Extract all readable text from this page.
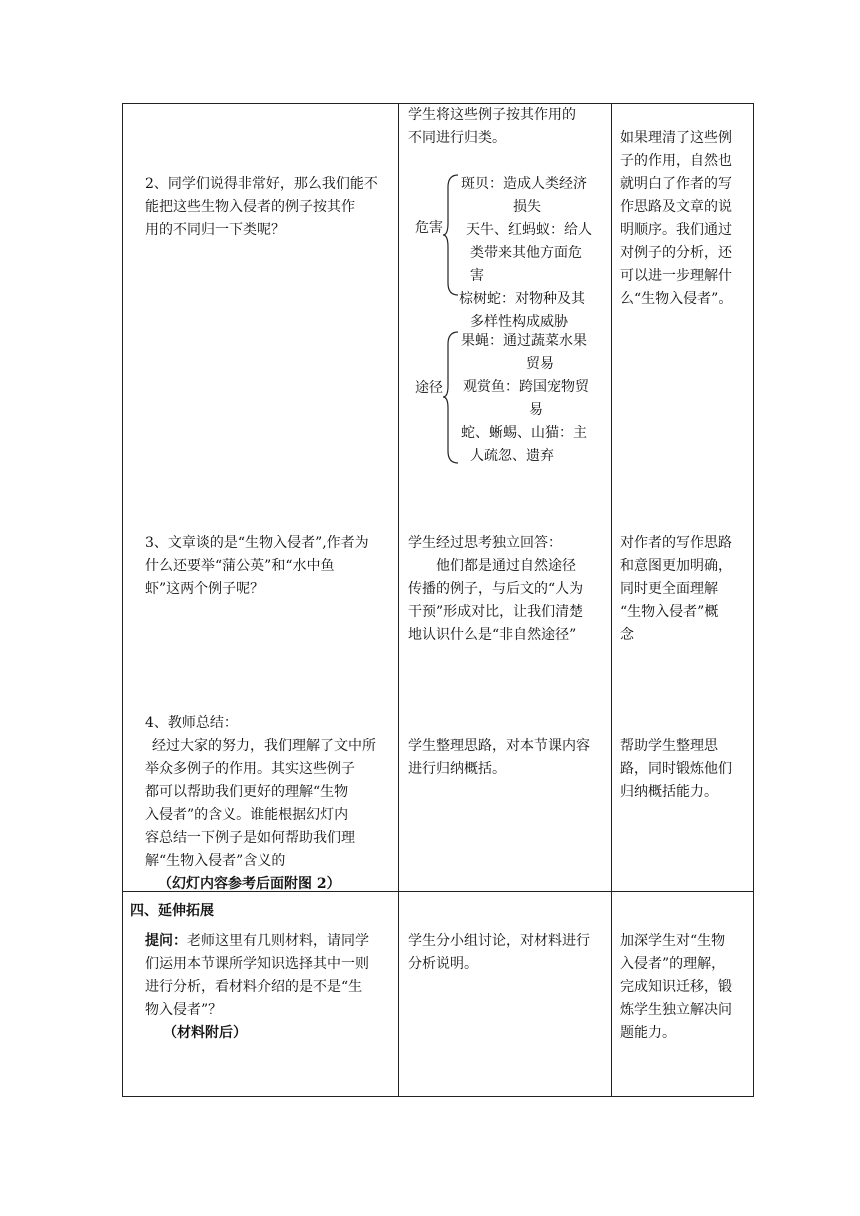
2、同学们说得非常好，那么我们能不
能把这些生物入侵者的例子按其作
用的不同归一下类呢？
学生将这些例子按其作用的
不同进行归类。
危害
斑贝：造成人类经济
损失
天牛、红蚂蚁：给人
类带来其他方面危
害
棕树蛇：对物种及其
多样性构成威胁
途径
果蝇：通过蔬菜水果
贸易
观赏鱼：跨国宠物贸
易
蛇、蜥蜴、山猫：主
人疏忽、遗弃
如果理清了这些例
子的作用，自然也
就明白了作者的写
作思路及文章的说
明顺序。我们通过
对例子的分析，还
可以进一步理解什
么“生物入侵者”。
3、文章谈的是“生物入侵者”,作者为
什么还要举“蒲公英”和“水中鱼
虾”这两个例子呢？
学生经过思考独立回答：
他们都是通过自然途径
传播的例子，与后文的“人为
干预”形成对比，让我们清楚
地认识什么是“非自然途径”
对作者的写作思路
和意图更加明确，
同时更全面理解
“生物入侵者”概
念
4、教师总结：
经过大家的努力，我们理解了文中所
举众多例子的作用。其实这些例子
都可以帮助我们更好的理解“生物
入侵者”的含义。谁能根据幻灯内
容总结一下例子是如何帮助我们理
解“生物入侵者”含义的
（幻灯内容参考后面附图 2）
学生整理思路，对本节课内容
进行归纳概括。
帮助学生整理思
路，同时锻炼他们
归纳概括能力。
四、延伸拓展
提问：老师这里有几则材料，请同学
们运用本节课所学知识选择其中一则
进行分析，看材料介绍的是不是“生
物入侵者”？
（材料附后）
学生分小组讨论，对材料进行
分析说明。
加深学生对“生物
入侵者”的理解，
完成知识迁移，锻
炼学生独立解决问
题能力。
